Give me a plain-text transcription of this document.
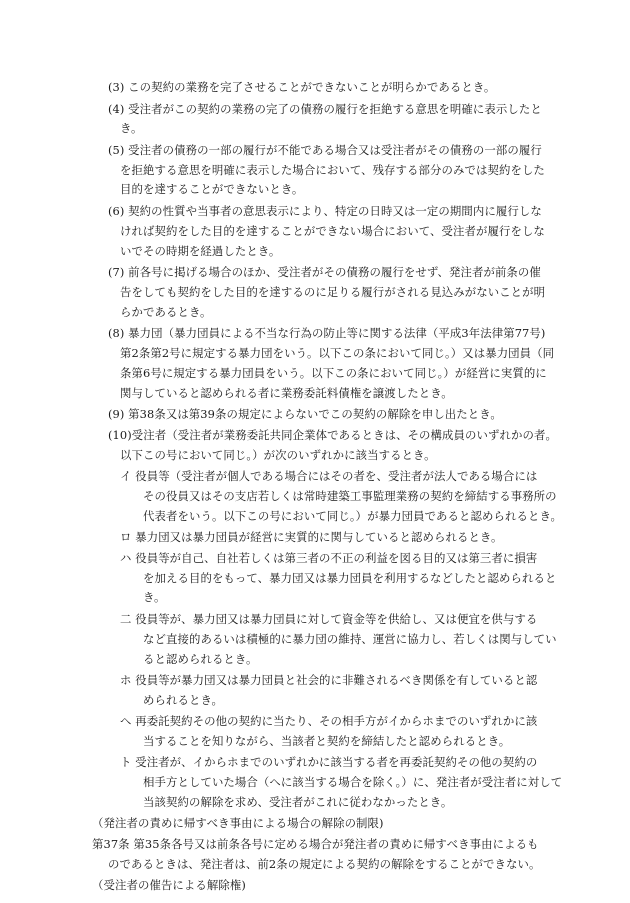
(3) この契約の業務を完了させることができないことが明らかであるとき。
(4) 受注者がこの契約の業務の完了の債務の履行を拒絶する意思を明確に表示したと
き。
(5) 受注者の債務の一部の履行が不能である場合又は受注者がその債務の一部の履行
を拒絶する意思を明確に表示した場合において、残存する部分のみでは契約をした
目的を達することができないとき。
(6) 契約の性質や当事者の意思表示により、特定の日時又は一定の期間内に履行しな
ければ契約をした目的を達することができない場合において、受注者が履行をしな
いでその時期を経過したとき。
(7) 前各号に掲げる場合のほか、受注者がその債務の履行をせず、発注者が前条の催
告をしても契約をした目的を達するのに足りる履行がされる見込みがないことが明
らかであるとき。
(8) 暴力団（暴力団員による不当な行為の防止等に関する法律（平成3年法律第77号)
第2条第2号に規定する暴力団をいう。以下この条において同じ。）又は暴力団員（同
条第6号に規定する暴力団員をいう。以下この条において同じ。）が経営に実質的に
関与していると認められる者に業務委託料債権を譲渡したとき。
(9) 第38条又は第39条の規定によらないでこの契約の解除を申し出たとき。
(10)受注者（受注者が業務委託共同企業体であるときは、その構成員のいずれかの者。
以下この号において同じ。）が次のいずれかに該当するとき。
イ 役員等（受注者が個人である場合にはその者を、受注者が法人である場合には
その役員又はその支店若しくは常時建築工事監理業務の契約を締結する事務所の
代表者をいう。以下この号において同じ。）が暴力団員であると認められるとき。
ロ 暴力団又は暴力団員が経営に実質的に関与していると認められるとき。
ハ 役員等が自己、自社若しくは第三者の不正の利益を図る目的又は第三者に損害
を加える目的をもって、暴力団又は暴力団員を利用するなどしたと認められると
き。
二 役員等が、暴力団又は暴力団員に対して資金等を供給し、又は便宜を供与する
など直接的あるいは積極的に暴力団の維持、運営に協力し、若しくは関与してい
ると認められるとき。
ホ 役員等が暴力団又は暴力団員と社会的に非難されるべき関係を有していると認
められるとき。
へ 再委託契約その他の契約に当たり、その相手方がイからホまでのいずれかに該
当することを知りながら、当該者と契約を締結したと認められるとき。
ト 受注者が、イからホまでのいずれかに該当する者を再委託契約その他の契約の
相手方としていた場合（へに該当する場合を除く。）に、発注者が受注者に対して
当該契約の解除を求め、受注者がこれに従わなかったとき。
（発注者の責めに帰すべき事由による場合の解除の制限)
第37条 第35条各号又は前条各号に定める場合が発注者の責めに帰すべき事由によるも
のであるときは、発注者は、前2条の規定による契約の解除をすることができない。
（受注者の催告による解除権)
